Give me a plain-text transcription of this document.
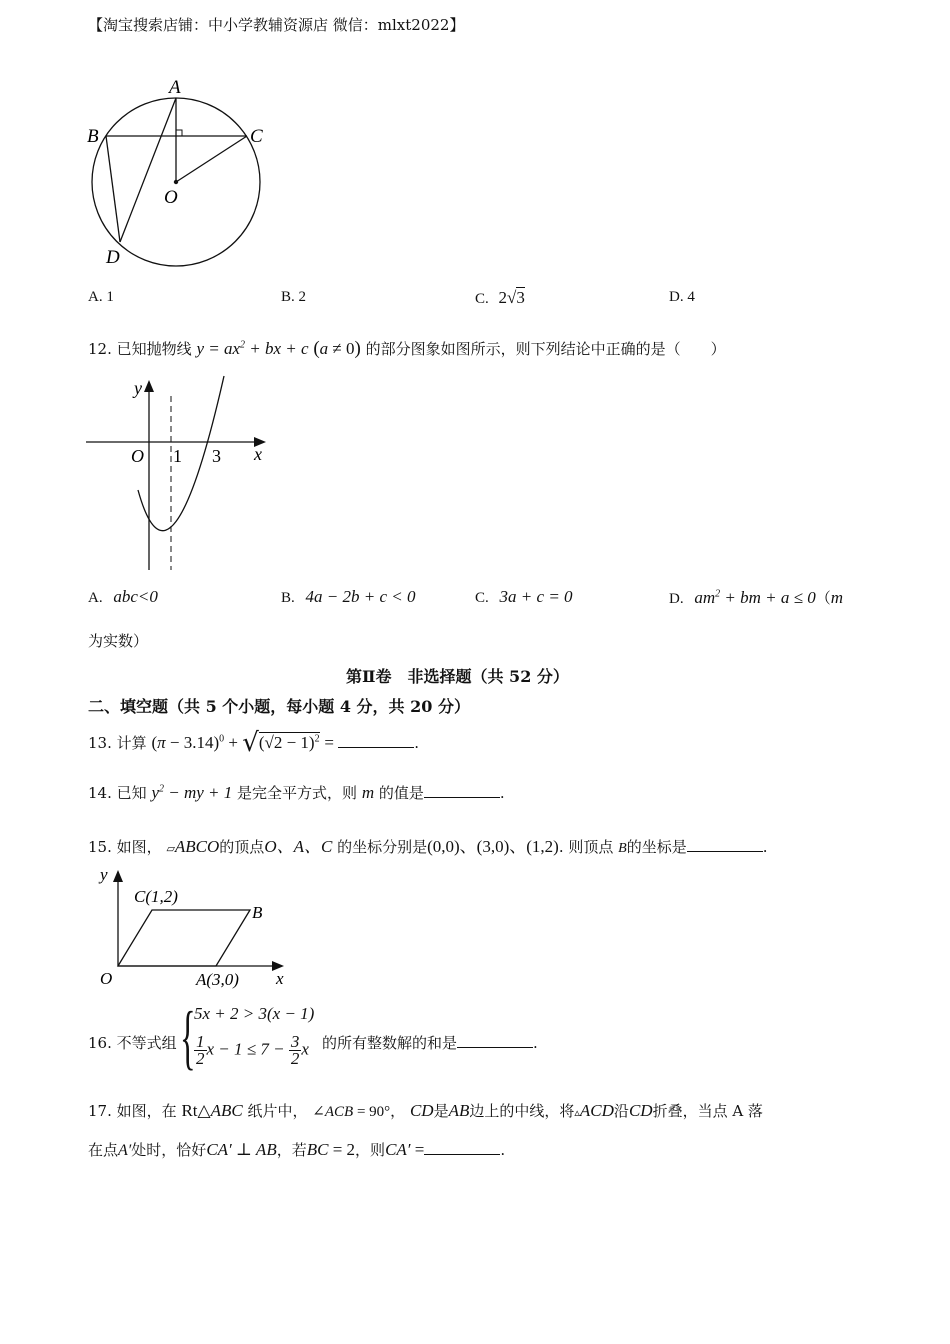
【淘宝搜索店铺：中小学教辅资源店 微信：mlxt2022】
A
B	C
O
D
A. 1	B. 2	C. 2√3	D. 4
12. 已知抛物线 $y = ax^2$ + bx + c (a ≠ 0) 的部分图象如图所示，则下列结论中正确的是（　　）
y
x
O 1 3
A. abc<0	B. 4a − 2b + c < 0	C. 3a + c = 0	D. $am^2$ + bm + a ≤ 0（m
为实数）
第Ⅱ卷　非选择题（共 52 分）
二、填空题（共 5 个小题，每小题 4 分，共 20 分）
13. 计算 $(\pi - 3.14)^0 + √(√2 - 1)^2$ =	.
14. 已知 $y^2$ − my + 1 是完全平方式，则 m 的值是	.
15. 如图， ▱ABCO的顶点O、A、C 的坐标分别是(0,0)、(3,0)、(1,2). 则顶点 B的坐标是	.
y
x
O
C(1,2)
B
A(3,0)
16. 不等式组 {
5x + 2 > 3(x − 1)
$\frac{1}{2}$ $x - 1 \le 7 - \frac{3}{2}$ x 的所有整数解的和是	.
17. 如图，在 Rt△ABC 纸片中， ∠ACB = 90°， CD是AB边上的中线，将▵ACD沿CD折叠，当点 A 落
在点A′处时，恰好CA′ ⊥ AB，若BC = 2，则CA′ =	.
